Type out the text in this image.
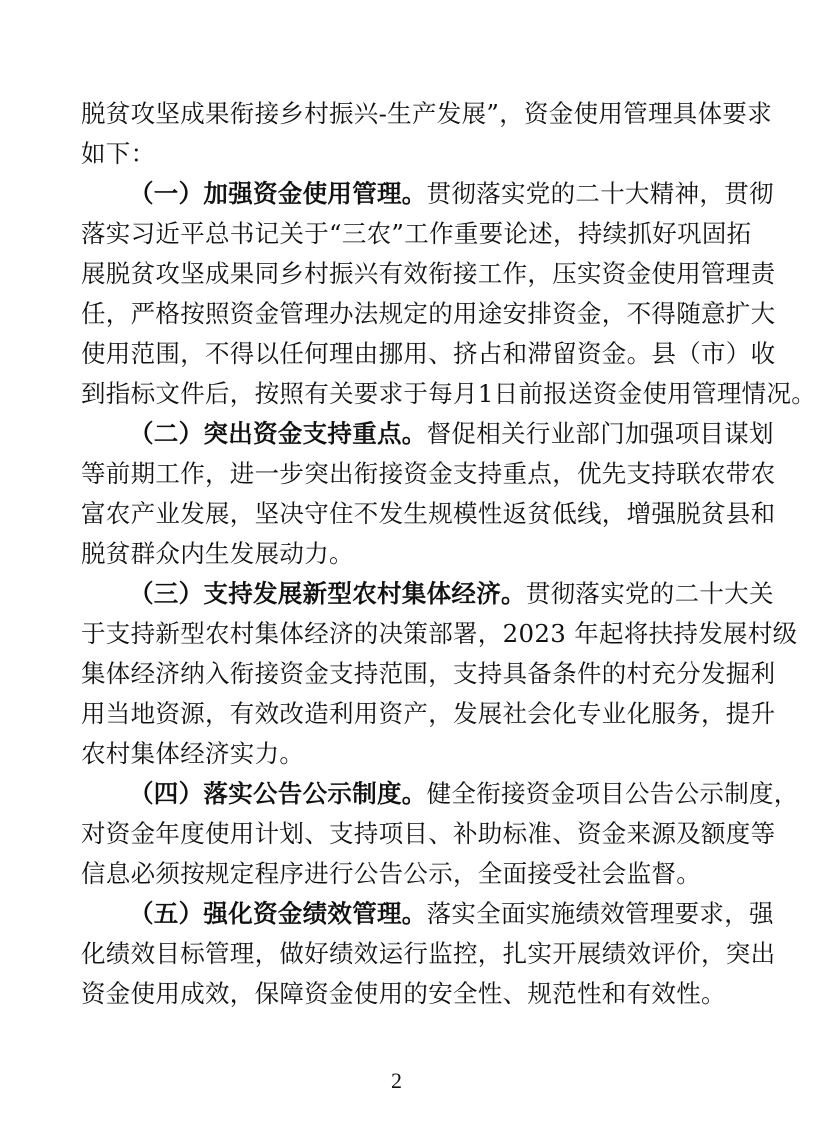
脱贫攻坚成果衔接乡村振兴-生产发展”，资金使用管理具体要求
如下：
（一）加强资金使用管理。贯彻落实党的二十大精神，贯彻
落实习近平总书记关于“三农”工作重要论述，持续抓好巩固拓
展脱贫攻坚成果同乡村振兴有效衔接工作，压实资金使用管理责
任，严格按照资金管理办法规定的用途安排资金，不得随意扩大
使用范围，不得以任何理由挪用、挤占和滞留资金。县（市）收
到指标文件后，按照有关要求于每月1日前报送资金使用管理情况。
（二）突出资金支持重点。督促相关行业部门加强项目谋划
等前期工作，进一步突出衔接资金支持重点，优先支持联农带农
富农产业发展，坚决守住不发生规模性返贫低线，增强脱贫县和
脱贫群众内生发展动力。
（三）支持发展新型农村集体经济。贯彻落实党的二十大关
于支持新型农村集体经济的决策部署，2023 年起将扶持发展村级
集体经济纳入衔接资金支持范围，支持具备条件的村充分发掘利
用当地资源，有效改造利用资产，发展社会化专业化服务，提升
农村集体经济实力。
（四）落实公告公示制度。健全衔接资金项目公告公示制度，
对资金年度使用计划、支持项目、补助标准、资金来源及额度等
信息必须按规定程序进行公告公示，全面接受社会监督。
（五）强化资金绩效管理。落实全面实施绩效管理要求，强
化绩效目标管理，做好绩效运行监控，扎实开展绩效评价，突出
资金使用成效，保障资金使用的安全性、规范性和有效性。
2
